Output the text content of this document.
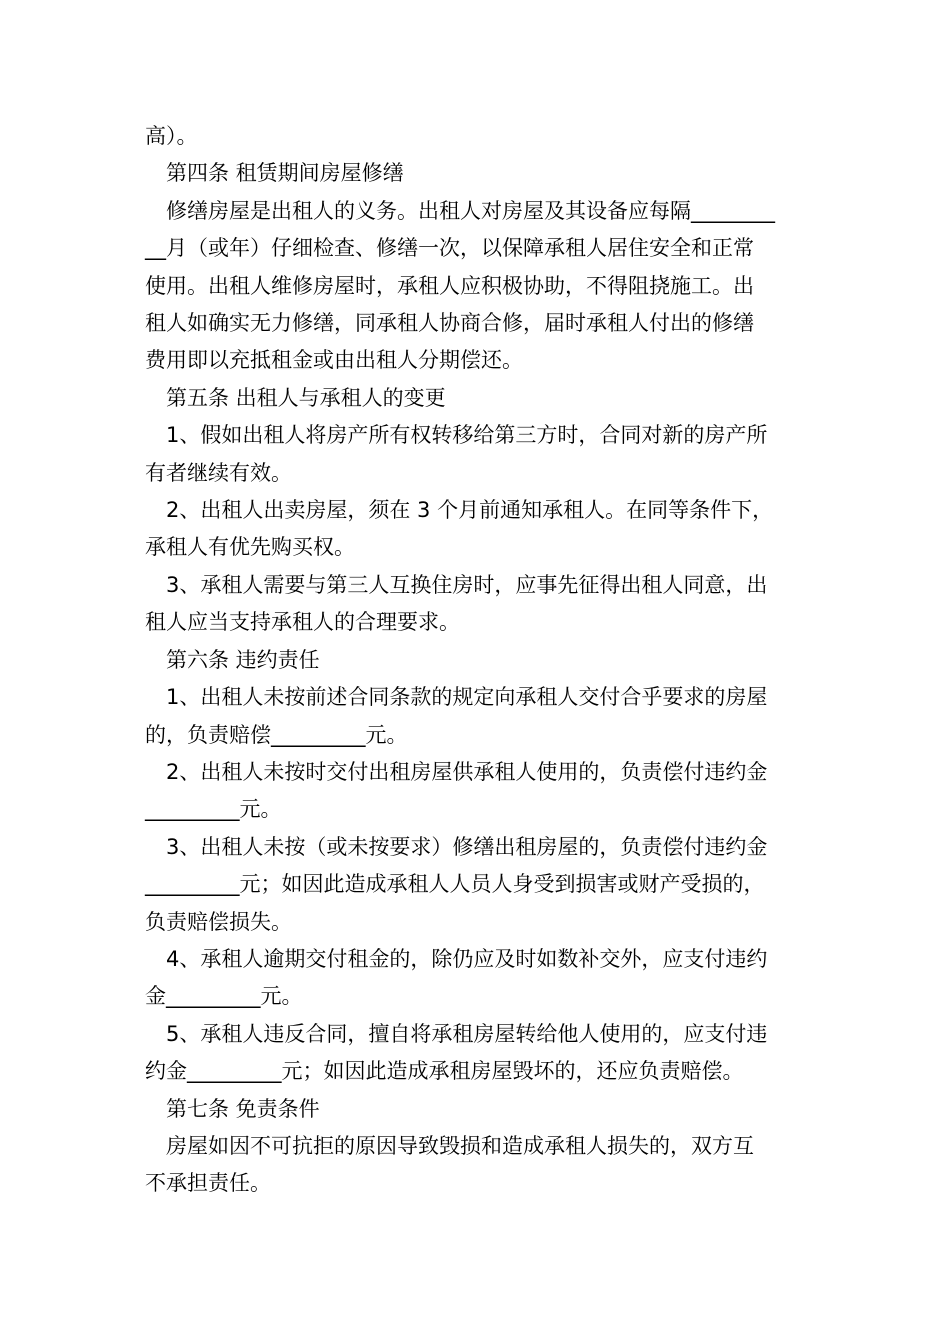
高）。
第四条 租赁期间房屋修缮
修缮房屋是出租人的义务。出租人对房屋及其设备应每隔________
__月（或年）仔细检查、修缮一次，以保障承租人居住安全和正常
使用。出租人维修房屋时，承租人应积极协助，不得阻挠施工。出
租人如确实无力修缮，同承租人协商合修，届时承租人付出的修缮
费用即以充抵租金或由出租人分期偿还。
第五条 出租人与承租人的变更
1、假如出租人将房产所有权转移给第三方时，合同对新的房产所
有者继续有效。
2、出租人出卖房屋，须在 3 个月前通知承租人。在同等条件下，
承租人有优先购买权。
3、承租人需要与第三人互换住房时，应事先征得出租人同意，出
租人应当支持承租人的合理要求。
第六条 违约责任
1、出租人未按前述合同条款的规定向承租人交付合乎要求的房屋
的，负责赔偿_________元。
2、出租人未按时交付出租房屋供承租人使用的，负责偿付违约金
_________元。
3、出租人未按（或未按要求）修缮出租房屋的，负责偿付违约金
_________元；如因此造成承租人人员人身受到损害或财产受损的，
负责赔偿损失。
4、承租人逾期交付租金的，除仍应及时如数补交外，应支付违约
金_________元。
5、承租人违反合同，擅自将承租房屋转给他人使用的，应支付违
约金_________元；如因此造成承租房屋毁坏的，还应负责赔偿。
第七条 免责条件
房屋如因不可抗拒的原因导致毁损和造成承租人损失的，双方互
不承担责任。
